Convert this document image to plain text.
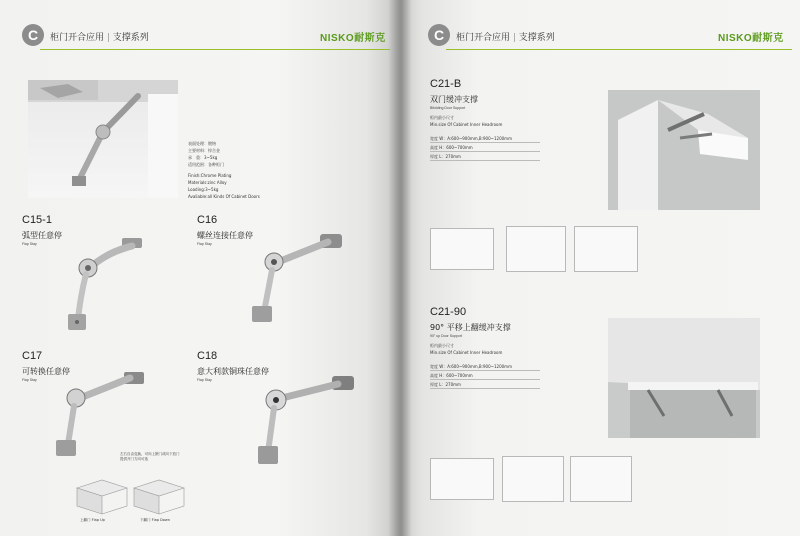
C	柜门开合应用 | 支撑系列	NISKO耐斯克
表面处理：镀铬
主要材料：锌合金
承　重：3~5kg
适用范围：各种柜门
Finish:Chrome Plating
Materials:zinc Alloy
Loading:3~5kg
Avaliable:all Kinds Of Cabinet Doors
C15-1
弧型任意停
Flap Stay
C16
螺丝连接任意停
Flap Stay
C17
可转换任意停
Flap Stay
左右自由变换，可向上掀门或向下放门
提供开门方向可选
上翻门 Flap Up	下翻门 Flap Down
C18
意大利款铜珠任意停
Flap Stay
C	柜门开合应用 | 支撑系列	NISKO耐斯克
C21-B
双门缓冲支撑
Bifolding Door Support
柜内最小尺寸
Min.size Of Cabinet Inner Headroom
宽度 W：A:600~900mm,B:900~1200mm
高度 H：600~700mm
厚度 L：270mm
C21-90
90° 平移上翻缓冲支撑
90° up Door Support
柜内最小尺寸
Min.size Of Cabinet Inner Headroom
宽度 W：A:600~900mm,B:900~1200mm
高度 H：600~700mm
厚度 L：270mm
